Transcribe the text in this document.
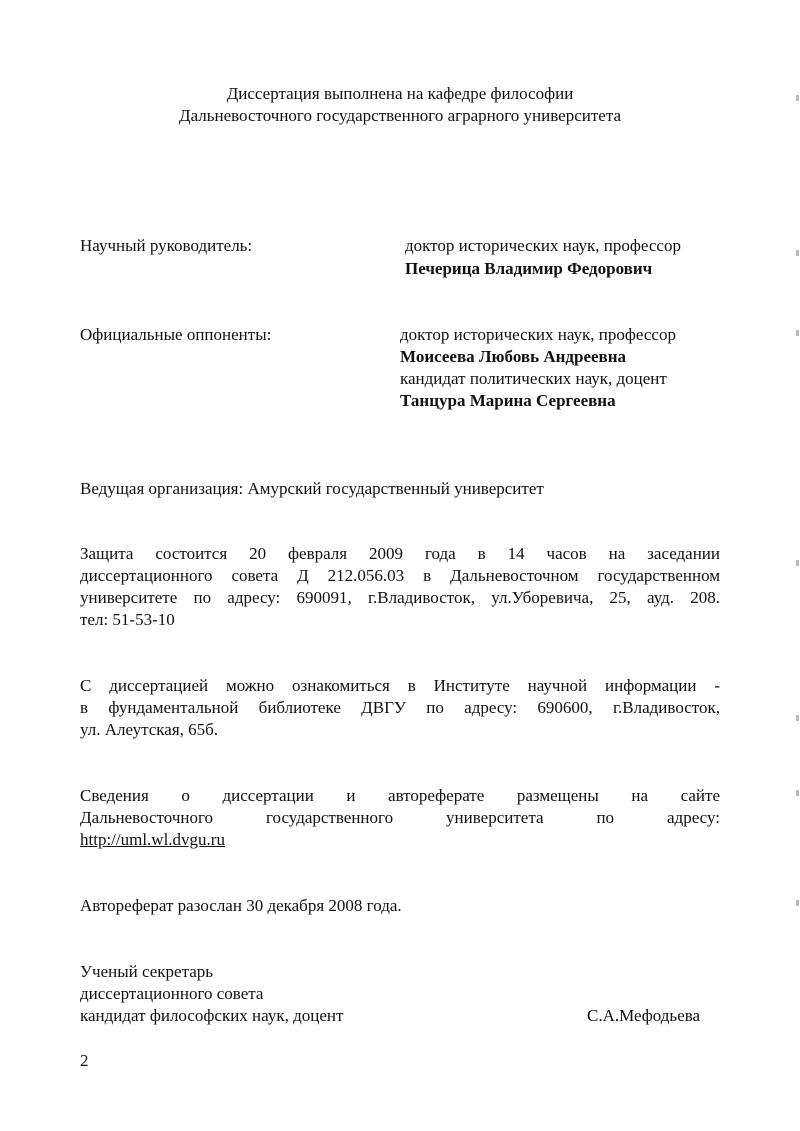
Диссертация выполнена на кафедре философии
Дальневосточного государственного аграрного университета
Научный руководитель:	доктор исторических наук, профессор
Печерица Владимир Федорович
Официальные оппоненты:	доктор исторических наук, профессор
Моисеева Любовь Андреевна
кандидат политических наук, доцент
Танцура Марина Сергеевна
Ведущая организация: Амурский государственный университет
Защита состоится 20 февраля 2009 года в 14 часов на заседании
диссертационного совета Д 212.056.03 в Дальневосточном государственном
университете по адресу: 690091, г.Владивосток, ул.Уборевича, 25, ауд. 208.
тел: 51-53-10
С диссертацией можно ознакомиться в Институте научной информации -
в фундаментальной библиотеке ДВГУ по адресу: 690600, г.Владивосток,
ул. Алеутская, 65б.
Сведения о диссертации и автореферате размещены на сайте
Дальневосточного государственного университета по адресу:
http://uml.wl.dvgu.ru
Автореферат разослан 30 декабря 2008 года.
Ученый секретарь
диссертационного совета
кандидат философских наук, доцент	С.А.Мефодьева
2
